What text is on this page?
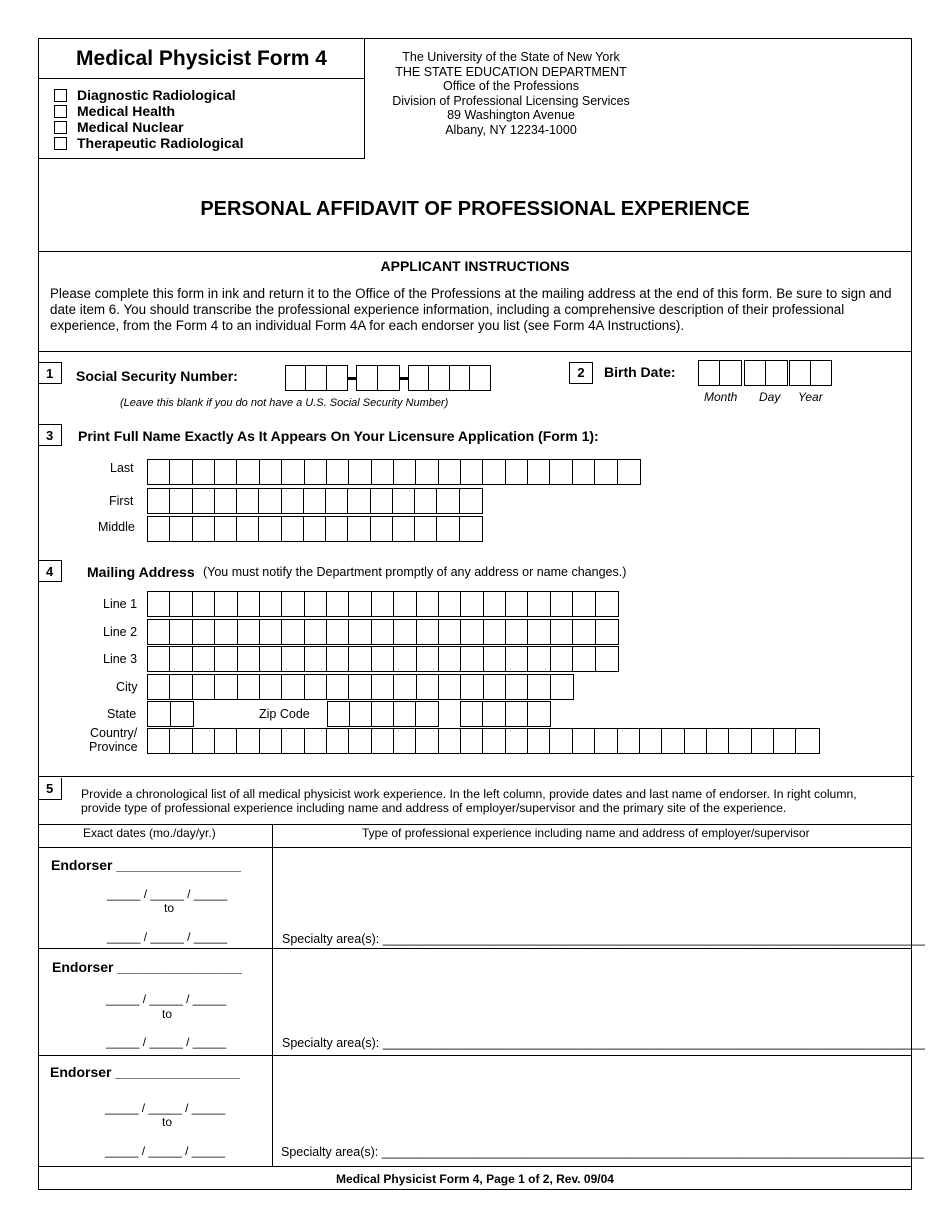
Medical Physicist Form 4
Diagnostic Radiological
Medical Health
Medical Nuclear
Therapeutic Radiological
The University of the State of New York
THE STATE EDUCATION DEPARTMENT
Office of the Professions
Division of Professional Licensing Services
89 Washington Avenue
Albany, NY 12234-1000
PERSONAL AFFIDAVIT OF PROFESSIONAL EXPERIENCE
APPLICANT INSTRUCTIONS
Please complete this form in ink and return it to the Office of the Professions at the mailing address at the end of this form. Be sure to sign and date item 6. You should transcribe the professional experience information, including a comprehensive description of their professional experience, from the Form 4 to an individual Form 4A for each endorser you list (see Form 4A Instructions).
1	Social Security Number:
(Leave this blank if you do not have a U.S. Social Security Number)
2	Birth Date:
Month Day Year
3	Print Full Name Exactly As It Appears On Your Licensure Application (Form 1):
Last
First
Middle
4	Mailing Address (You must notify the Department promptly of any address or name changes.)
Line 1
Line 2
Line 3
City
State	Zip Code
Country/
Province
5	Provide a chronological list of all medical physicist work experience. In the left column, provide dates and last name of endorser. In right column,
provide type of professional experience including name and address of employer/supervisor and the primary site of the experience.
Exact dates (mo./day/yr.)	Type of professional experience including name and address of employer/supervisor
Endorser ________________
_____ / _____ / _____
to
_____ / _____ / _____	Specialty area(s): ______________________________________________________________________________
Endorser ________________
_____ / _____ / _____
to
_____ / _____ / _____	Specialty area(s): ______________________________________________________________________________
Endorser ________________
_____ / _____ / _____
to
_____ / _____ / _____	Specialty area(s): ______________________________________________________________________________
Medical Physicist Form 4, Page 1 of 2, Rev. 09/04
